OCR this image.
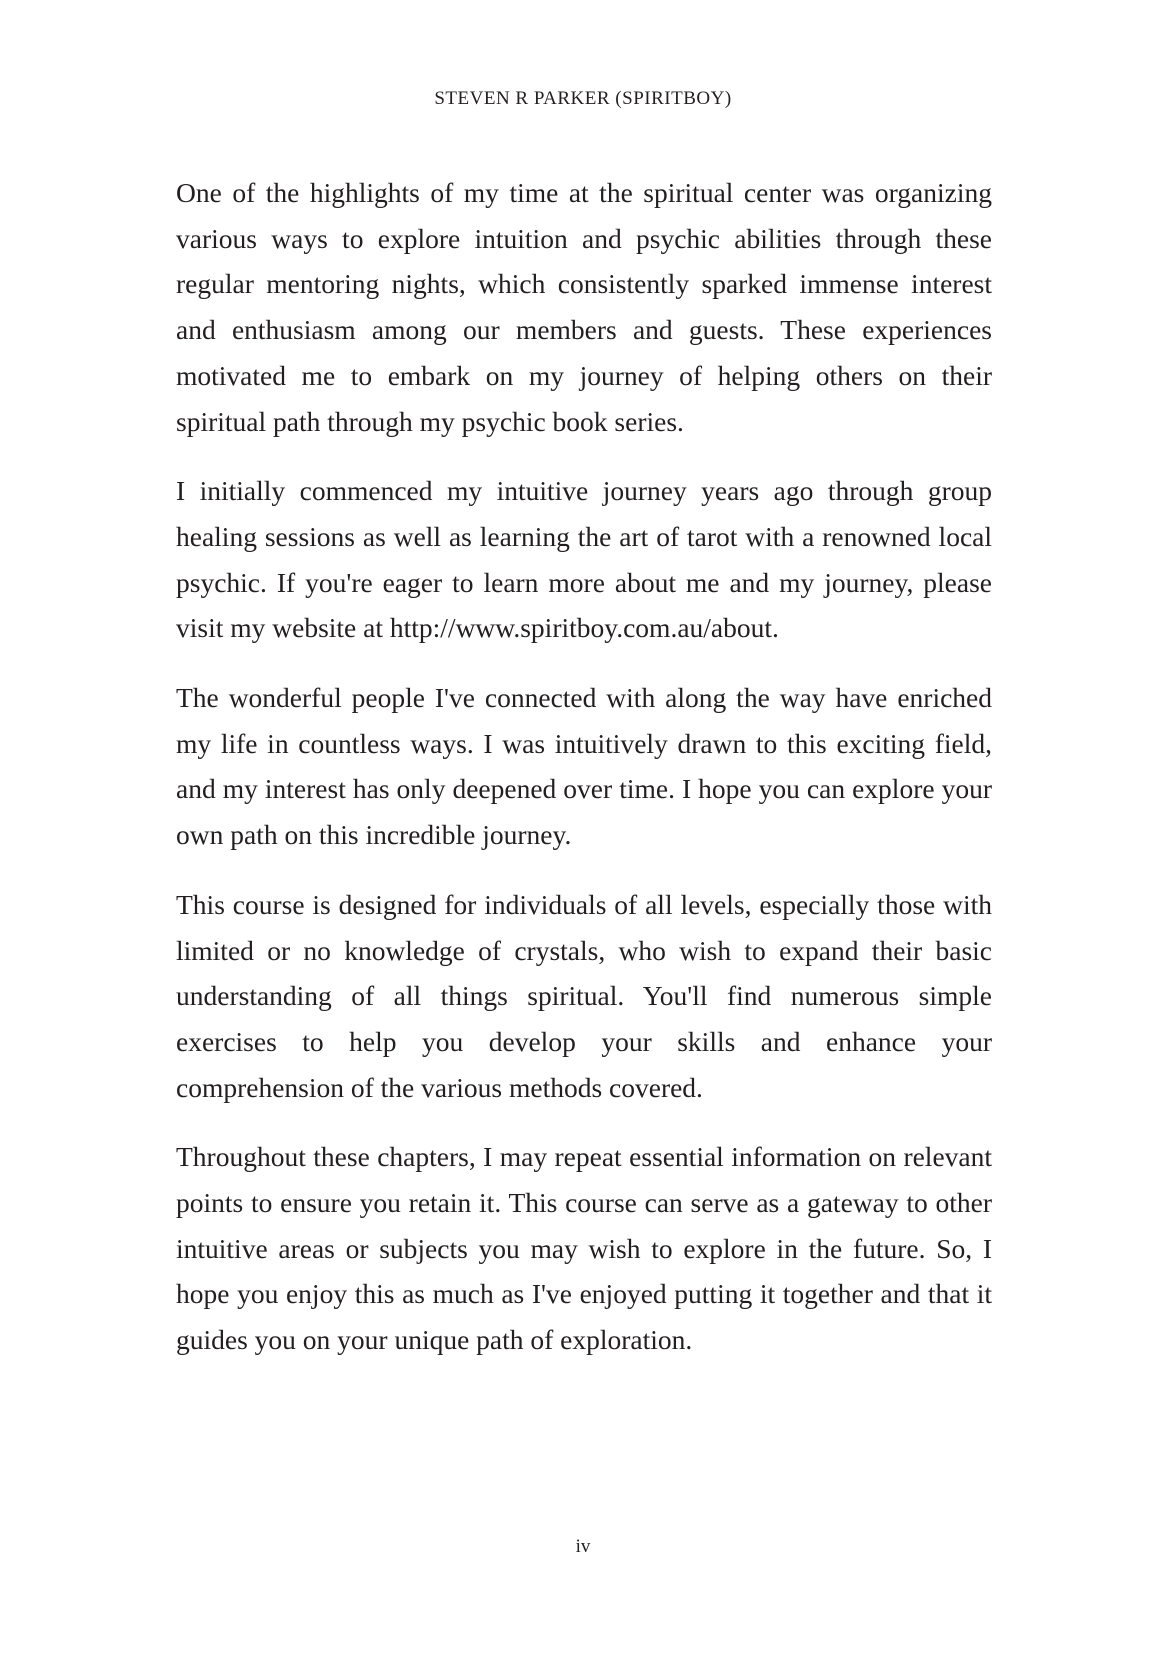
STEVEN R PARKER (SPIRITBOY)

One of the highlights of my time at the spiritual center was organizing various ways to explore intuition and psychic abilities through these regular mentoring nights, which consistently sparked immense interest and enthusiasm among our members and guests. These experiences motivated me to embark on my journey of helping others on their spiritual path through my psychic book series.

I initially commenced my intuitive journey years ago through group healing sessions as well as learning the art of tarot with a renowned local psychic. If you're eager to learn more about me and my journey, please visit my website at http://www.spiritboy.com.au/about.

The wonderful people I've connected with along the way have enriched my life in countless ways. I was intuitively drawn to this exciting field, and my interest has only deepened over time. I hope you can explore your own path on this incredible journey.

This course is designed for individuals of all levels, especially those with limited or no knowledge of crystals, who wish to expand their basic understanding of all things spiritual. You'll find numerous simple exercises to help you develop your skills and enhance your comprehension of the various methods covered.

Throughout these chapters, I may repeat essential information on relevant points to ensure you retain it. This course can serve as a gateway to other intuitive areas or subjects you may wish to explore in the future. So, I hope you enjoy this as much as I've enjoyed putting it together and that it guides you on your unique path of exploration.

iv
